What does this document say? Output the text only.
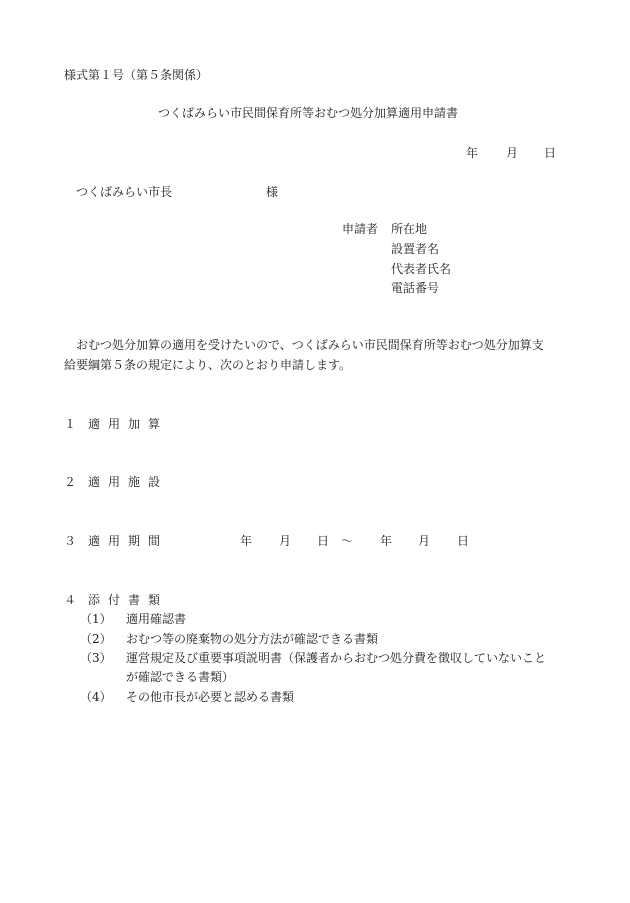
様式第１号（第５条関係）
つくばみらい市民間保育所等おむつ処分加算適用申請書
年 月 日
つくばみらい市長	様
申請者 所在地
設置者名
代表者氏名
電話番号
おむつ処分加算の適用を受けたいので、つくばみらい市民間保育所等おむつ処分加算支
給要綱第５条の規定により、次のとおり申請します。
１ 適用加算
２ 適用施設
３ 適用期間	年 月 日 ～ 年 月 日
４ 添付書類
（1） 適用確認書
（2） おむつ等の廃棄物の処分方法が確認できる書類
（3） 運営規定及び重要事項説明書（保護者からおむつ処分費を徴収していないこと
が確認できる書類）
（4） その他市長が必要と認める書類
